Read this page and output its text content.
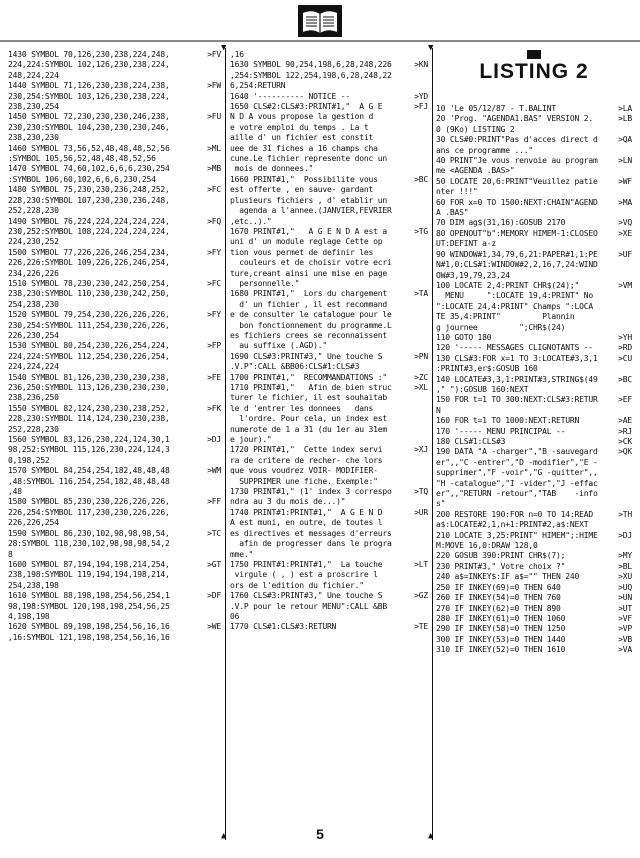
▼
▲
▼
▲
LISTING 2
1430 SYMBOL 70,126,230,238,224,248,	>FV
224,224:SYMBOL 102,126,230,238,224,
248,224,224
1440 SYMBOL 71,126,230,238,224,238,	>FW
230,254:SYMBOL 103,126,230,238,224,
238,230,254
1450 SYMBOL 72,230,230,230,246,238,	>FU
230,230:SYMBOL 104,230,230,230,246,
238,230,230
1460 SYMBOL 73,56,52,48,48,48,52,56	>ML
:SYMBOL 105,56,52,48,48,48,52,56
1470 SYMBOL 74,60,102,6,6,6,230,254	>MB
:SYMBOL 106,60,102,6,6,6,230,254
1480 SYMBOL 75,230,230,236,248,252,	>FC
228,230:SYMBOL 107,230,230,236,248,
252,228,230
1490 SYMBOL 76,224,224,224,224,224,	>FQ
230,252:SYMBOL 108,224,224,224,224,
224,230,252
1500 SYMBOL 77,226,226,246,254,234,	>FY
226,226:SYMBOL 109,226,226,246,254,
234,226,226
1510 SYMBOL 78,230,230,242,250,254,	>FC
238,230:SYMBOL 110,230,230,242,250,
254,238,230
1520 SYMBOL 79,254,230,226,226,226,	>FY
230,254:SYMBOL 111,254,230,226,226,
226,230,254
1530 SYMBOL 80,254,230,226,254,224,	>FP
224,224:SYMBOL 112,254,230,226,254,
224,224,224
1540 SYMBOL 81,126,230,230,230,238,	>FE
236,250:SYMBOL 113,126,230,230,230,
238,236,250
1550 SYMBOL 82,124,230,230,238,252,	>FK
228,230:SYMBOL 114,124,230,230,238,
252,228,230
1560 SYMBOL 83,126,230,224,124,30,1	>DJ
98,252:SYMBOL 115,126,230,224,124,3
0,198,252
1570 SYMBOL 84,254,254,182,48,48,48	>WM
,48:SYMBOL 116,254,254,182,48,48,48
,48
1580 SYMBOL 85,230,230,226,226,226,	>FF
226,254:SYMBOL 117,230,230,226,226,
226,226,254
1590 SYMBOL 86,230,102,98,98,98,54,	>TC
28:SYMBOL 118,230,102,98,98,98,54,2
8
1600 SYMBOL 87,194,194,198,214,254,	>GT
238,198:SYMBOL 119,194,194,198,214,
254,238,198
1610 SYMBOL 88,198,198,254,56,254,1	>DF
98,198:SYMBOL 120,198,198,254,56,25
4,198,198
1620 SYMBOL 89,198,198,254,56,16,16	>WE
,16:SYMBOL 121,198,198,254,56,16,16
,16
1630 SYMBOL 90,254,198,6,28,248,226	>KN
,254:SYMBOL 122,254,198,6,28,248,22
6,254:RETURN
1640 '---------- NOTICE --	>YD
1650 CLS#2:CLS#3:PRINT#1,"  A G E	>FJ
N D A vous propose la gestion d
e votre emploi du temps . La t
aille d' un fichier est constit
uee de 31 fiches a 16 champs cha
cune.Le fichier represente donc un
mois de donnees."
1660 PRINT#1,"  Possibilite vous	>BC
est offerte , en sauve- gardant
plusieurs fichiers , d' etablir un
agenda a l'annee.(JANVIER,FEVRIER
,etc..)."
1670 PRINT#1,"   A G E N D A est a	>TG
uni d' un module reglage Cette op
tion vous permet de definir les
couleurs et de choisir votre ecri
ture,creant ainsi une mise en page
personnelle."
1680 PRINT#1,"  Lors du chargement	>TA
d' un fichier , il est recommand
e de consulter le catalogue pour le
bon fonctionnement du programme.L
es fichiers crees se reconnaissent
au suffixe (.AGD)."
1690 CLS#3:PRINT#3," Une touche S	>PN
.V.P":CALL &BB06:CLS#1:CLS#3
1700 PRINT#1,"  RECOMMANDATIONS :"	>ZC
1710 PRINT#1,"   Afin de bien struc	>XL
turer le fichier, il est souhaitab
le d 'entrer les donnees   dans
l'ordre. Pour cela, un index est
numerote de 1 a 31 (du 1er au 31em
e jour)."
1720 PRINT#1,"  Cette index servi	>XJ
ra de critere de recher- che lors
que vous voudrez VOIR- MODIFIER-
SUPPRIMER une fiche. Exemple:"
1730 PRINT#1," (1' index 3 correspo	>TQ
ndra au 3 du mois de...)"
1740 PRINT#1:PRINT#1,"  A G E N D	>UR
A est muni, en outre, de toutes l
es directives et messages d'erreurs
afin de progresser dans le progra
mme."
1750 PRINT#1:PRINT#1,"  La touche	>LT
virgule ( , ) est a proscrire l
ors de l'edition du fichier."
1760 CLS#3:PRINT#3," Une touche S	>GZ
.V.P pour le retour MENU":CALL &BB
06
1770 CLS#1:CLS#3:RETURN	>TE
10 'Le 05/12/87 - T.BALINT	>LA
20 'Prog. "AGENDA1.BAS" VERSION 2.	>LB
0 (9Ko) LISTING 2
30 CLS#0:PRINT"Pas d'acces direct d	>QA
ans ce programme ..."
40 PRINT"Je vous renvoie au program	>LN
me <AGENDA .BAS>"
50 LOCATE 20,6:PRINT"Veuillez patie	>WF
nter !!!"
60 FOR x=0 TO 1500:NEXT:CHAIN"AGEND	>MA
A .BAS"
70 DIM ag$(31,16):GOSUB 2170	>VQ
80 OPENOUT"b":MEMORY HIMEM-1:CLOSEO	>XE
UT:DEFINT a-z
90 WINDOW#1,34,79,6,21:PAPER#1,1:PE	>UF
N#1,0:CLS#1:WINDOW#2,2,16,7,24:WIND
OW#3,19,79,23,24
100 LOCATE 2,4:PRINT CHR$(24);"	>VM
MENU     ":LOCATE 19,4:PRINT" No
":LOCATE 24,4:PRINT" Champs ":LOCA
TE 35,4:PRINT"         Plannin
g journee         ";CHR$(24)
110 GOTO 180	>YH
120 '----- MESSAGES CLIGNOTANTS --	>RD
130 CLS#3:FOR x=1 TO 3:LOCATE#3,3,1	>CU
:PRINT#3,er$:GOSUB 160
140 LOCATE#3,3,1:PRINT#3,STRING$(49	>BC
," "):GOSUB 160:NEXT
150 FOR t=1 TO 300:NEXT:CLS#3:RETUR	>EF
N
160 FOR t=1 TO 1000:NEXT:RETURN	>AE
170 '----- MENU PRINCIPAL --	>RJ
180 CLS#1:CLS#3	>CK
190 DATA "A -charger","B -sauvegard	>QK
er",,"C -entrer","D -modifier","E -
supprimer","F -voir","G -quitter",,
"H -catalogue","I -vider","J -effac
er",,"RETURN -retour","TAB    -info
s"
200 RESTORE 190:FOR n=0 TO 14:READ	>TH
a$:LOCATE#2,1,n+1:PRINT#2,a$:NEXT
210 LOCATE 3,25:PRINT" HIMEM";:HIME	>DJ
M:MOVE 16,0:DRAW 128,0
220 GOSUB 390:PRINT CHR$(7);	>MY
230 PRINT#3," Votre choix ?"	>BL
240 a$=INKEY$:IF a$="" THEN 240	>XU
250 IF INKEY(69)=0 THEN 640	>UQ
260 IF INKEY(54)=0 THEN 760	>UN
270 IF INKEY(62)=0 THEN 890	>UT
280 IF INKEY(61)=0 THEN 1060	>VF
290 IF INKEY(58)=0 THEN 1250	>VP
300 IF INKEY(53)=0 THEN 1440	>VB
310 IF INKEY(52)=0 THEN 1610	>VA
5
